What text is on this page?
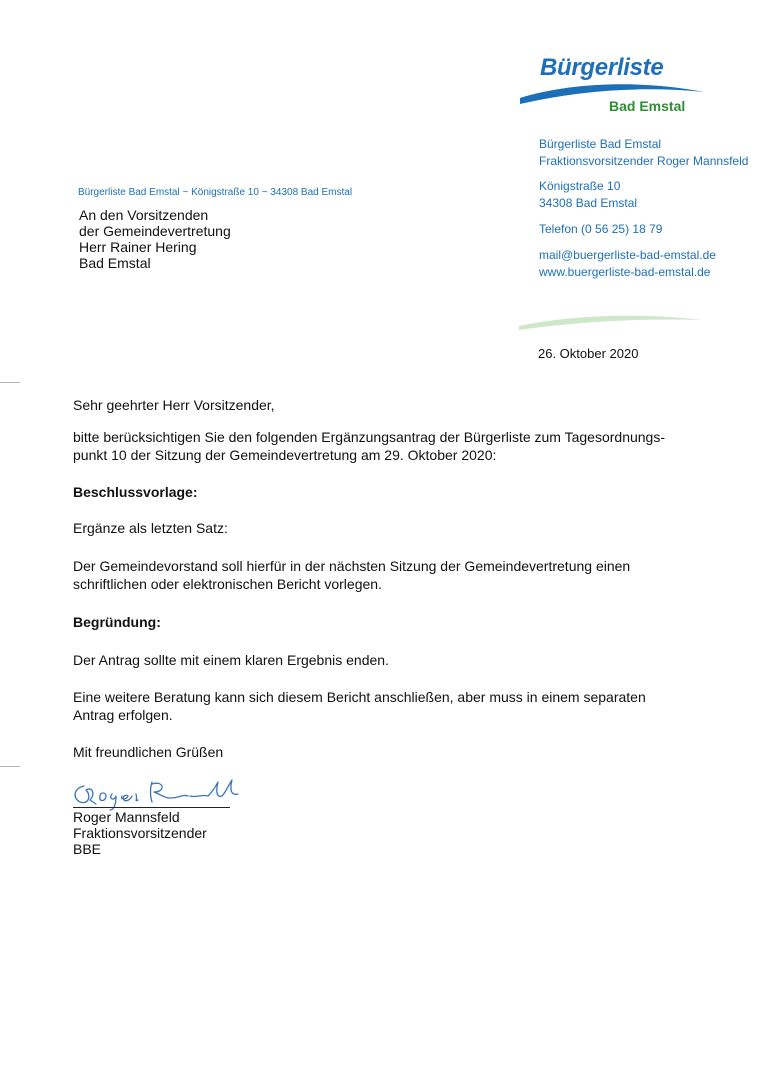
Bürgerliste
Bad Emstal
Bürgerliste Bad Emstal
Fraktionsvorsitzender Roger Mannsfeld
Königstraße 10
34308 Bad Emstal
Telefon (0 56 25) 18 79
mail@buergerliste-bad-emstal.de
www.buergerliste-bad-emstal.de
Bürgerliste Bad Emstal ~ Königstraße 10 ~ 34308 Bad Emstal
An den Vorsitzenden
der Gemeindevertretung
Herr Rainer Hering
Bad Emstal
26. Oktober 2020
Sehr geehrter Herr Vorsitzender,
bitte berücksichtigen Sie den folgenden Ergänzungsantrag der Bürgerliste zum Tagesordnungs-
punkt 10 der Sitzung der Gemeindevertretung am 29. Oktober 2020:
Beschlussvorlage:
Ergänze als letzten Satz:
Der Gemeindevorstand soll hierfür in der nächsten Sitzung der Gemeindevertretung einen
schriftlichen oder elektronischen Bericht vorlegen.
Begründung:
Der Antrag sollte mit einem klaren Ergebnis enden.
Eine weitere Beratung kann sich diesem Bericht anschließen, aber muss in einem separaten
Antrag erfolgen.
Mit freundlichen Grüßen
Roger Mannsfeld
Fraktionsvorsitzender
BBE
